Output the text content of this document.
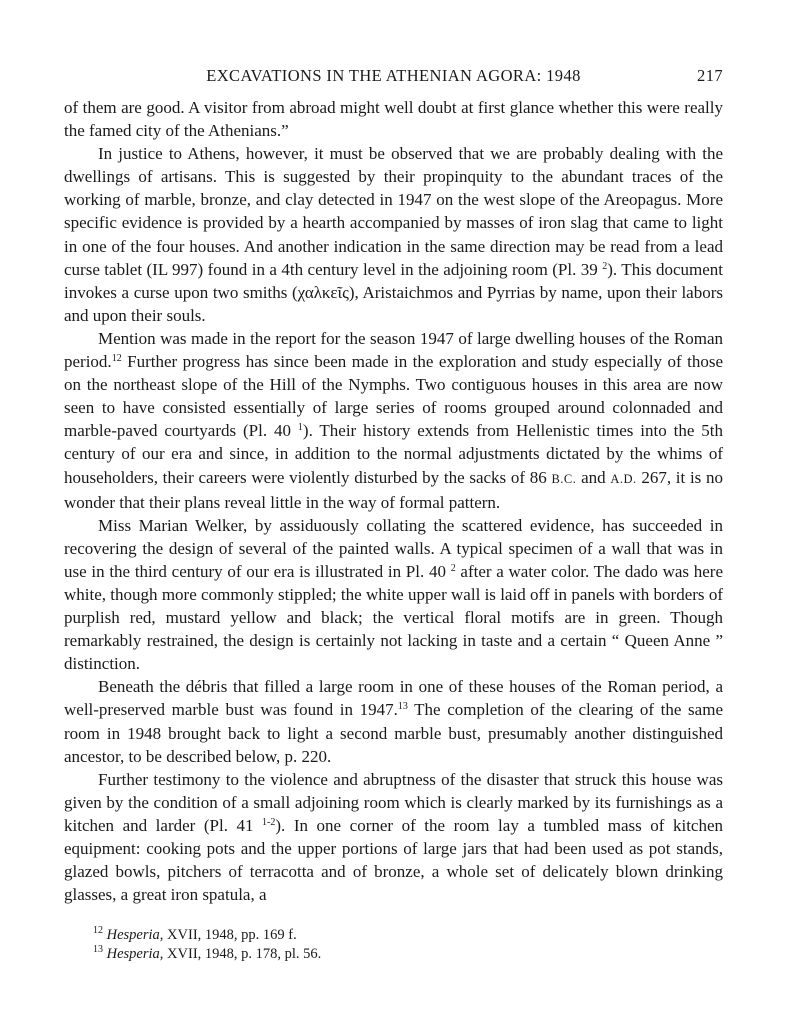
EXCAVATIONS IN THE ATHENIAN AGORA: 1948	217

of them are good. A visitor from abroad might well doubt at first glance whether this were really the famed city of the Athenians.”

In justice to Athens, however, it must be observed that we are probably dealing with the dwellings of artisans. This is suggested by their propinquity to the abundant traces of the working of marble, bronze, and clay detected in 1947 on the west slope of the Areopagus. More specific evidence is provided by a hearth accompanied by masses of iron slag that came to light in one of the four houses. And another indication in the same direction may be read from a lead curse tablet (IL 997) found in a 4th century level in the adjoining room (Pl. 39 $^2$). This document invokes a curse upon two smiths (χαλκεῖς), Aristaichmos and Pyrrias by name, upon their labors and upon their souls.

Mention was made in the report for the season 1947 of large dwelling houses of the Roman period.$^{12}$ Further progress has since been made in the exploration and study especially of those on the northeast slope of the Hill of the Nymphs. Two contiguous houses in this area are now seen to have consisted essentially of large series of rooms grouped around colonnaded and marble-paved courtyards (Pl. 40 $^1$). Their history extends from Hellenistic times into the 5th century of our era and since, in addition to the normal adjustments dictated by the whims of householders, their careers were violently disturbed by the sacks of 86 B.C. and A.D. 267, it is no wonder that their plans reveal little in the way of formal pattern.

Miss Marian Welker, by assiduously collating the scattered evidence, has succeeded in recovering the design of several of the painted walls. A typical specimen of a wall that was in use in the third century of our era is illustrated in Pl. 40 $^2$ after a water color. The dado was here white, though more commonly stippled; the white upper wall is laid off in panels with borders of purplish red, mustard yellow and black; the vertical floral motifs are in green. Though remarkably restrained, the design is certainly not lacking in taste and a certain “ Queen Anne ” distinction.

Beneath the débris that filled a large room in one of these houses of the Roman period, a well-preserved marble bust was found in 1947.13 The completion of the clearing of the same room in 1948 brought back to light a second marble bust, presumably another distinguished ancestor, to be described below, p. 220.

Further testimony to the violence and abruptness of the disaster that struck this house was given by the condition of a small adjoining room which is clearly marked by its furnishings as a kitchen and larder (Pl. 41 $^{1-2}$). In one corner of the room lay a tumbled mass of kitchen equipment: cooking pots and the upper portions of large jars that had been used as pot stands, glazed bowls, pitchers of terracotta and of bronze, a whole set of delicately blown drinking glasses, a great iron spatula, a

$^{12}$ Hesperia, XVII, 1948, pp. 169 f.

$^{13}$ Hesperia, XVII, 1948, p. 178, pl. 56.
